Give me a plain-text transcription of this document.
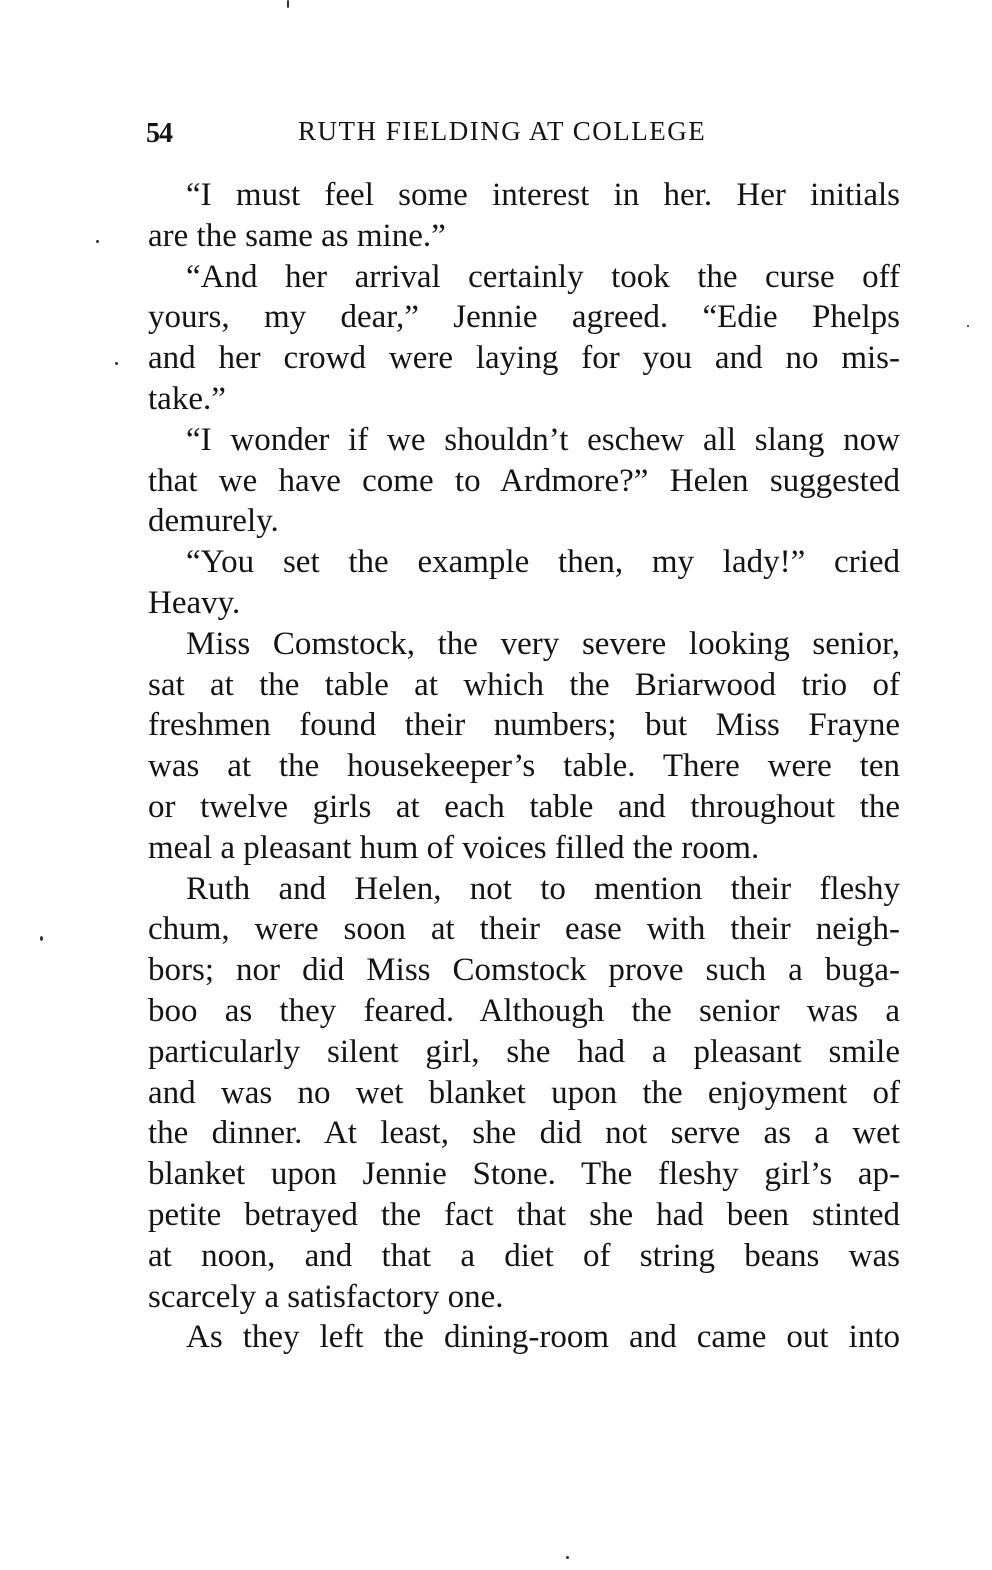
54	RUTH FIELDING AT COLLEGE
“I must feel some interest in her. Her initials
are the same as mine.”
“And her arrival certainly took the curse off
yours, my dear,” Jennie agreed. “Edie Phelps
and her crowd were laying for you and no mis-
take.”
“I wonder if we shouldn’t eschew all slang now
that we have come to Ardmore?” Helen suggested
demurely.
“You set the example then, my lady!” cried
Heavy.
Miss Comstock, the very severe looking senior,
sat at the table at which the Briarwood trio of
freshmen found their numbers; but Miss Frayne
was at the housekeeper’s table. There were ten
or twelve girls at each table and throughout the
meal a pleasant hum of voices filled the room.
Ruth and Helen, not to mention their fleshy
chum, were soon at their ease with their neigh-
bors; nor did Miss Comstock prove such a buga-
boo as they feared. Although the senior was a
particularly silent girl, she had a pleasant smile
and was no wet blanket upon the enjoyment of
the dinner. At least, she did not serve as a wet
blanket upon Jennie Stone. The fleshy girl’s ap-
petite betrayed the fact that she had been stinted
at noon, and that a diet of string beans was
scarcely a satisfactory one.
As they left the dining-room and came out into
